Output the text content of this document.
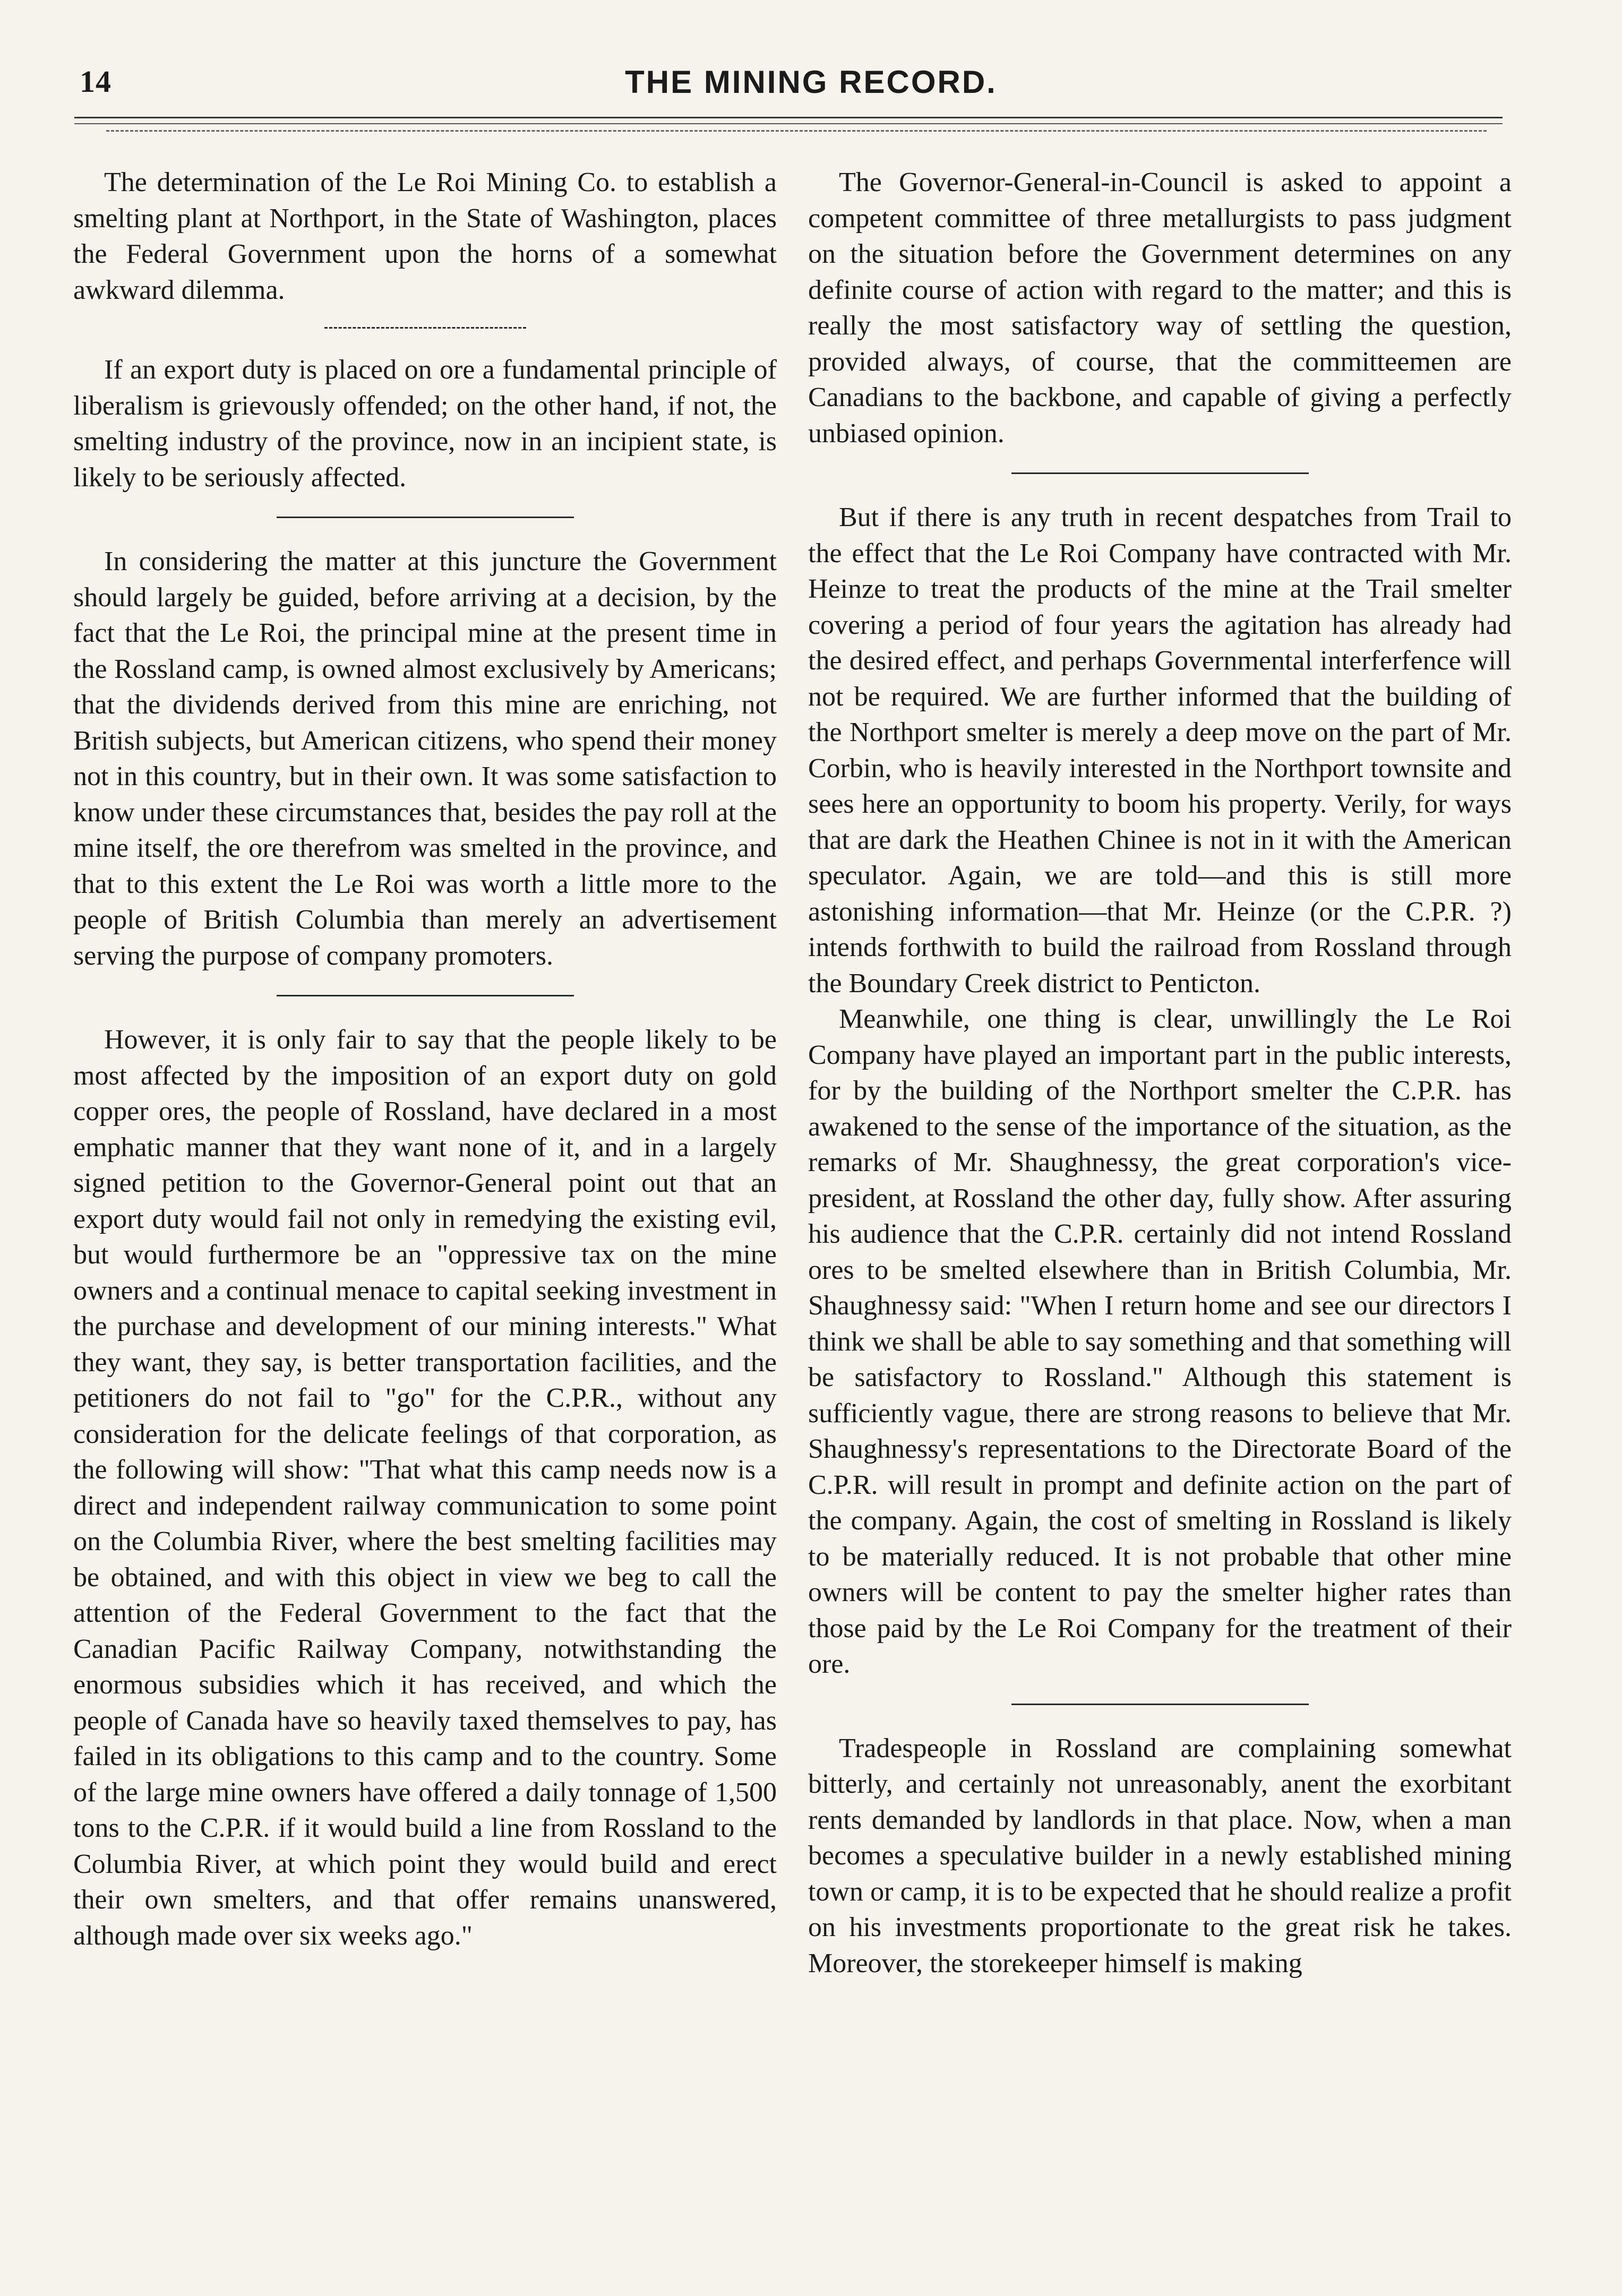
14	THE MINING RECORD.

The determination of the Le Roi Mining Co. to establish a smelting plant at Northport, in the State of Washington, places the Federal Government upon the horns of a somewhat awkward dilemma.

If an export duty is placed on ore a fundamental principle of liberalism is grievously offended; on the other hand, if not, the smelting industry of the province, now in an incipient state, is likely to be seriously affected.

In considering the matter at this juncture the Government should largely be guided, before arriving at a decision, by the fact that the Le Roi, the principal mine at the present time in the Rossland camp, is owned almost exclusively by Americans; that the dividends derived from this mine are enriching, not British subjects, but American citizens, who spend their money not in this country, but in their own. It was some satisfaction to know under these circumstances that, besides the pay roll at the mine itself, the ore therefrom was smelted in the province, and that to this extent the Le Roi was worth a little more to the people of British Columbia than merely an advertisement serving the purpose of company promoters.

However, it is only fair to say that the people likely to be most affected by the imposition of an export duty on gold copper ores, the people of Rossland, have declared in a most emphatic manner that they want none of it, and in a largely signed petition to the Governor-General point out that an export duty would fail not only in remedying the existing evil, but would furthermore be an "oppressive tax on the mine owners and a continual menace to capital seeking investment in the purchase and development of our mining interests." What they want, they say, is better transportation facilities, and the petitioners do not fail to "go" for the C.P.R., without any consideration for the delicate feelings of that corporation, as the following will show: "That what this camp needs now is a direct and independent railway communication to some point on the Columbia River, where the best smelting facilities may be obtained, and with this object in view we beg to call the attention of the Federal Government to the fact that the Canadian Pacific Railway Company, notwithstanding the enormous subsidies which it has received, and which the people of Canada have so heavily taxed themselves to pay, has failed in its obligations to this camp and to the country. Some of the large mine owners have offered a daily tonnage of 1,500 tons to the C.P.R. if it would build a line from Rossland to the Columbia River, at which point they would build and erect their own smelters, and that offer remains unanswered, although made over six weeks ago."

The Governor-General-in-Council is asked to appoint a competent committee of three metallurgists to pass judgment on the situation before the Government determines on any definite course of action with regard to the matter; and this is really the most satisfactory way of settling the question, provided always, of course, that the committeemen are Canadians to the backbone, and capable of giving a perfectly unbiased opinion.

But if there is any truth in recent despatches from Trail to the effect that the Le Roi Company have contracted with Mr. Heinze to treat the products of the mine at the Trail smelter covering a period of four years the agitation has already had the desired effect, and perhaps Governmental interferfence will not be required. We are further informed that the building of the Northport smelter is merely a deep move on the part of Mr. Corbin, who is heavily interested in the Northport townsite and sees here an opportunity to boom his property. Verily, for ways that are dark the Heathen Chinee is not in it with the American speculator. Again, we are told—and this is still more astonishing information—that Mr. Heinze (or the C.P.R. ?) intends forthwith to build the railroad from Rossland through the Boundary Creek district to Penticton.

Meanwhile, one thing is clear, unwillingly the Le Roi Company have played an important part in the public interests, for by the building of the Northport smelter the C.P.R. has awakened to the sense of the importance of the situation, as the remarks of Mr. Shaughnessy, the great corporation's vice-president, at Rossland the other day, fully show. After assuring his audience that the C.P.R. certainly did not intend Rossland ores to be smelted elsewhere than in British Columbia, Mr. Shaughnessy said: "When I return home and see our directors I think we shall be able to say something and that something will be satisfactory to Rossland." Although this statement is sufficiently vague, there are strong reasons to believe that Mr. Shaughnessy's representations to the Directorate Board of the C.P.R. will result in prompt and definite action on the part of the company. Again, the cost of smelting in Rossland is likely to be materially reduced. It is not probable that other mine owners will be content to pay the smelter higher rates than those paid by the Le Roi Company for the treatment of their ore.

Tradespeople in Rossland are complaining somewhat bitterly, and certainly not unreasonably, anent the exorbitant rents demanded by landlords in that place. Now, when a man becomes a speculative builder in a newly established mining town or camp, it is to be expected that he should realize a profit on his investments proportionate to the great risk he takes. Moreover, the storekeeper himself is making
